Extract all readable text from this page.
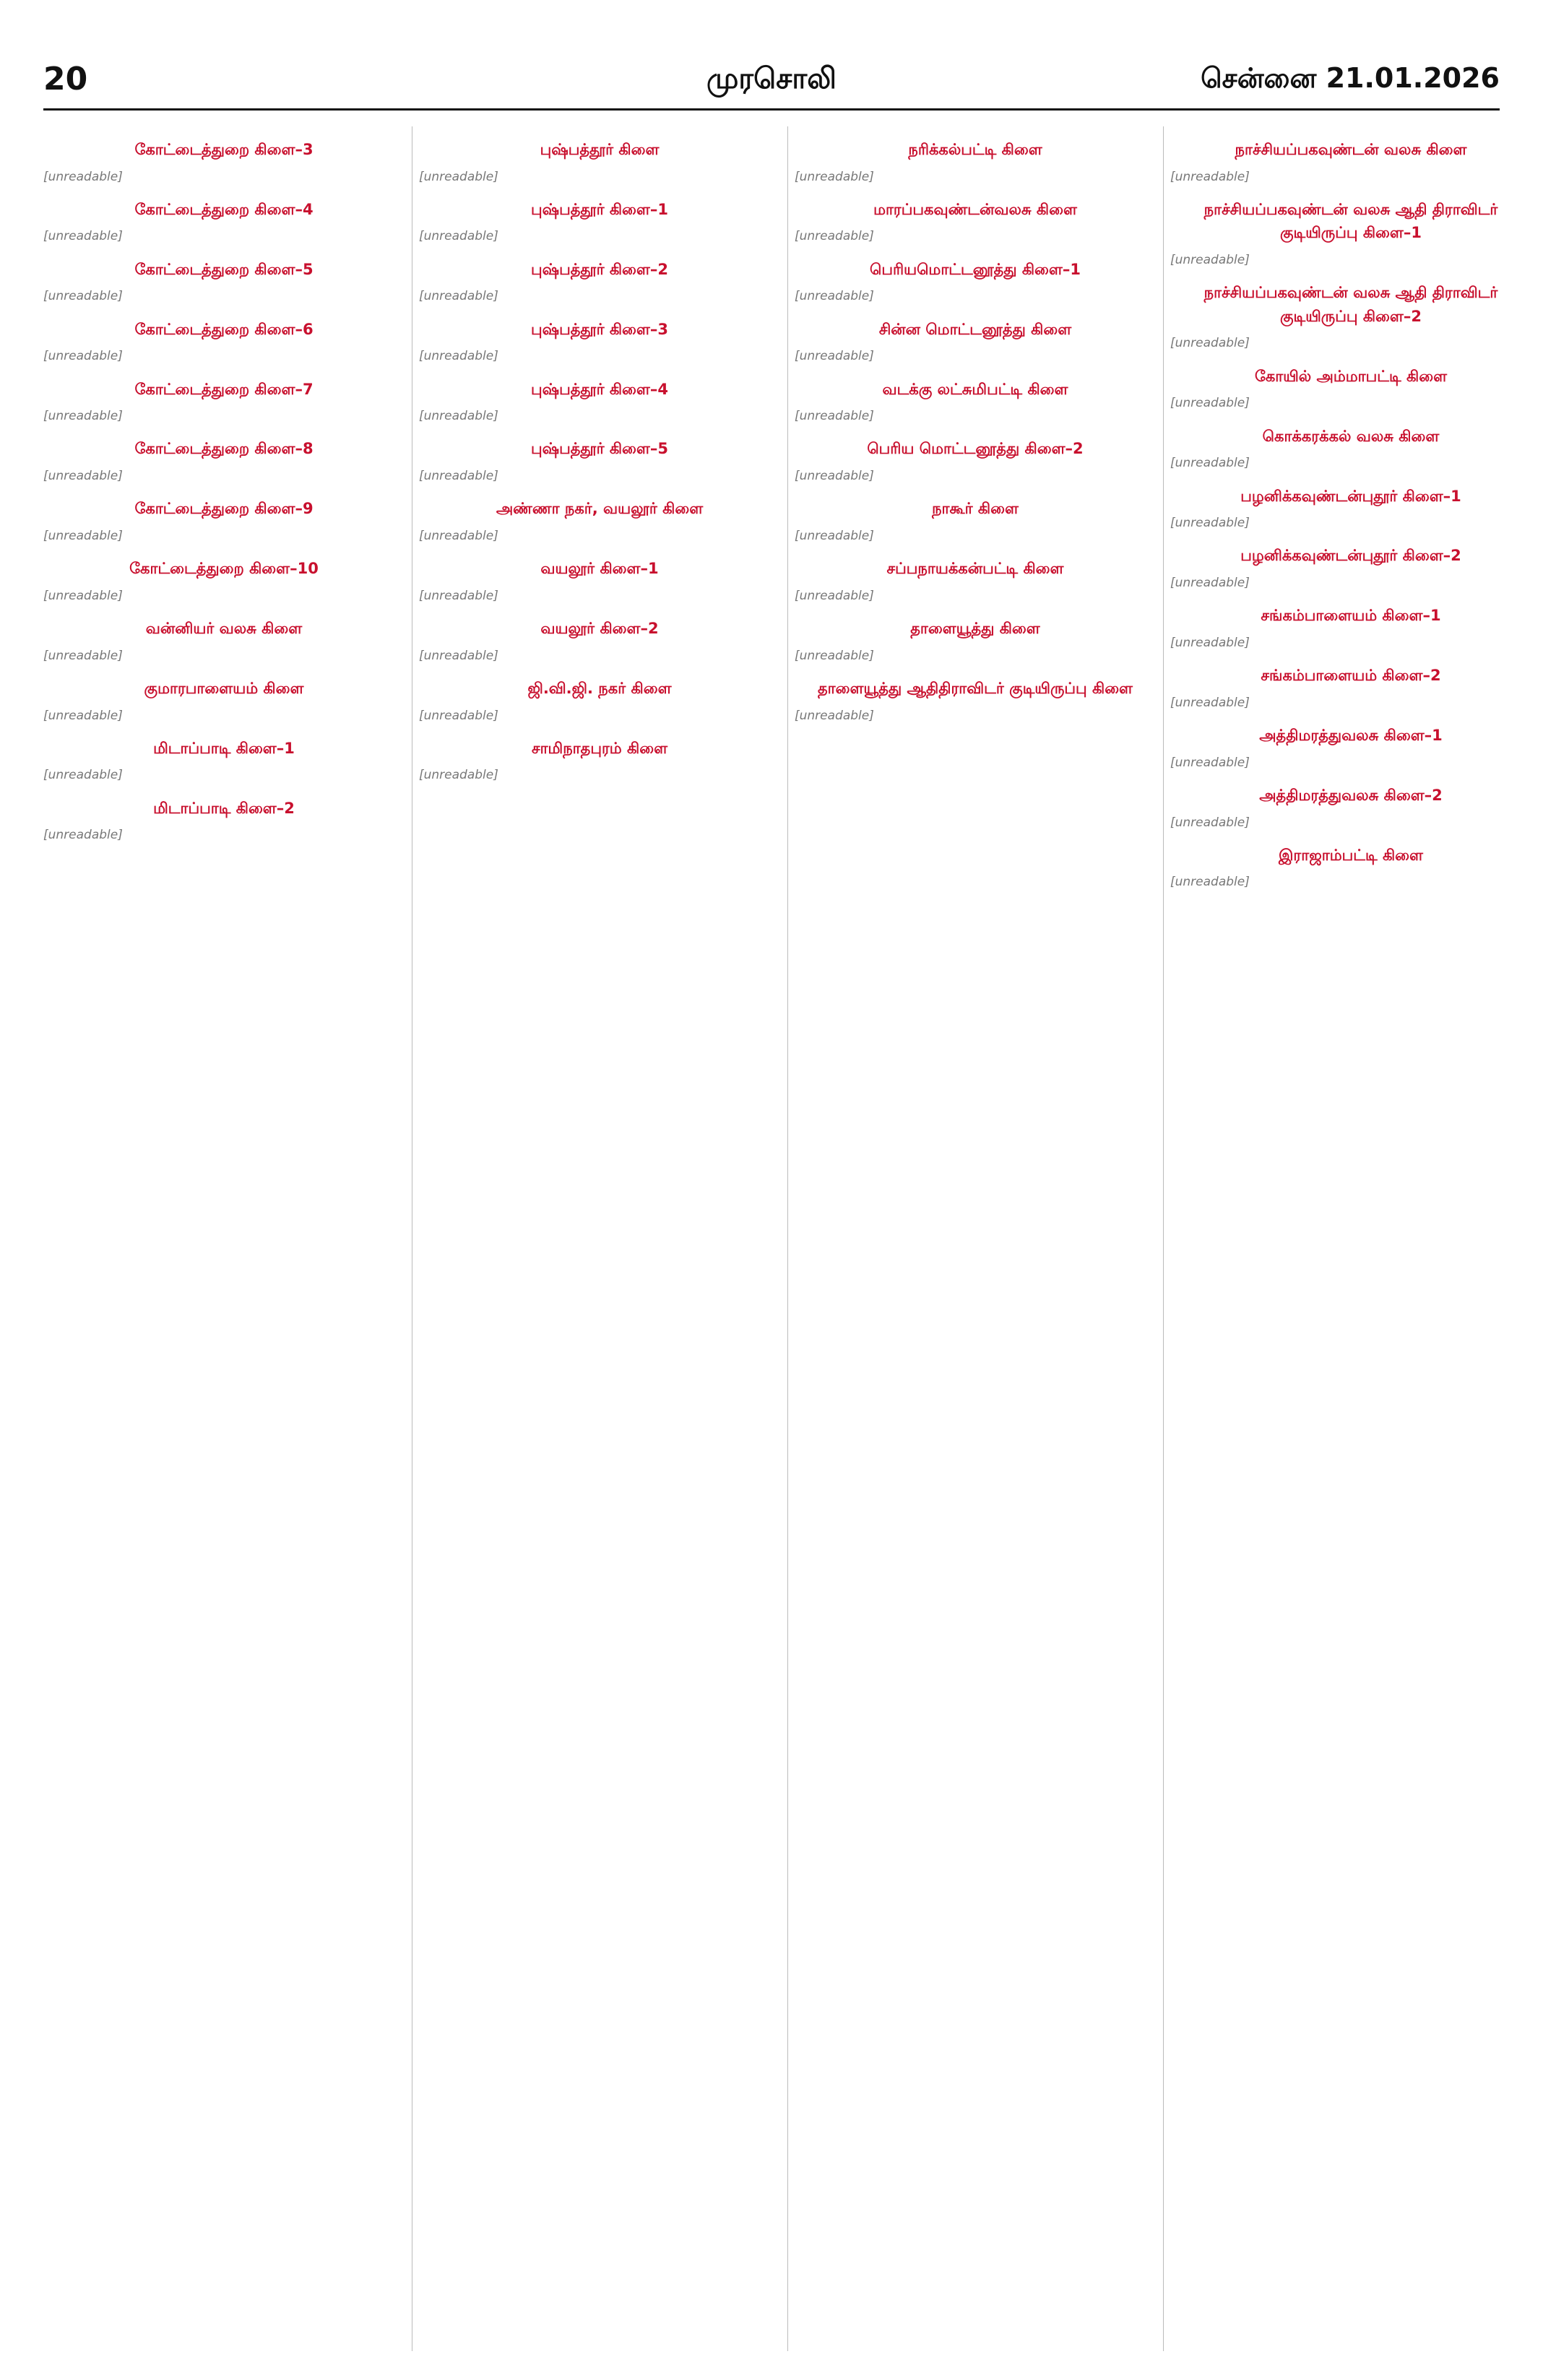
20	முரசொலி	சென்னை 21.01.2026
கோட்டைத்துறை கிளை–3

[unreadable]

கோட்டைத்துறை கிளை–4

[unreadable]

கோட்டைத்துறை கிளை–5

[unreadable]

கோட்டைத்துறை கிளை–6

[unreadable]

கோட்டைத்துறை கிளை–7

[unreadable]

கோட்டைத்துறை கிளை–8

[unreadable]

கோட்டைத்துறை கிளை–9

[unreadable]

கோட்டைத்துறை கிளை–10

[unreadable]

வன்னியர் வலசு கிளை

[unreadable]

குமாரபாளையம் கிளை

[unreadable]

மிடாப்பாடி கிளை–1

[unreadable]

மிடாப்பாடி கிளை–2

[unreadable]

புஷ்பத்தூர் கிளை

[unreadable]

புஷ்பத்தூர் கிளை–1

[unreadable]

புஷ்பத்தூர் கிளை–2

[unreadable]

புஷ்பத்தூர் கிளை–3

[unreadable]

புஷ்பத்தூர் கிளை–4

[unreadable]

புஷ்பத்தூர் கிளை–5

[unreadable]

அண்ணா நகர், வயலூர் கிளை

[unreadable]

வயலூர் கிளை–1

[unreadable]

வயலூர் கிளை–2

[unreadable]

ஜி.வி.ஜி. நகர் கிளை

[unreadable]

சாமிநாதபுரம் கிளை

[unreadable]

நரிக்கல்பட்டி கிளை

[unreadable]

மாரப்பகவுண்டன்வலசு கிளை

[unreadable]

பெரியமொட்டனூத்து கிளை–1

[unreadable]

சின்ன மொட்டனூத்து கிளை

[unreadable]

வடக்கு லட்சுமிபட்டி கிளை

[unreadable]

பெரிய மொட்டனூத்து கிளை–2

[unreadable]

நாகூர் கிளை

[unreadable]

சப்பநாயக்கன்பட்டி கிளை

[unreadable]

தாளையூத்து கிளை

[unreadable]

தாளையூத்து ஆதிதிராவிடர் குடியிருப்பு கிளை

[unreadable]

நாச்சியப்பகவுண்டன் வலசு கிளை

[unreadable]

நாச்சியப்பகவுண்டன் வலசு ஆதி திராவிடர் குடியிருப்பு கிளை–1

[unreadable]

நாச்சியப்பகவுண்டன் வலசு ஆதி திராவிடர் குடியிருப்பு கிளை–2

[unreadable]

கோயில் அம்மாபட்டி கிளை

[unreadable]

கொக்கரக்கல் வலசு கிளை

[unreadable]

பழனிக்கவுண்டன்புதூர் கிளை–1

[unreadable]

பழனிக்கவுண்டன்புதூர் கிளை–2

[unreadable]

சங்கம்பாளையம் கிளை–1

[unreadable]

சங்கம்பாளையம் கிளை–2

[unreadable]

அத்திமரத்துவலசு கிளை–1

[unreadable]

அத்திமரத்துவலசு கிளை–2

[unreadable]

இராஜாம்பட்டி கிளை

[unreadable]
